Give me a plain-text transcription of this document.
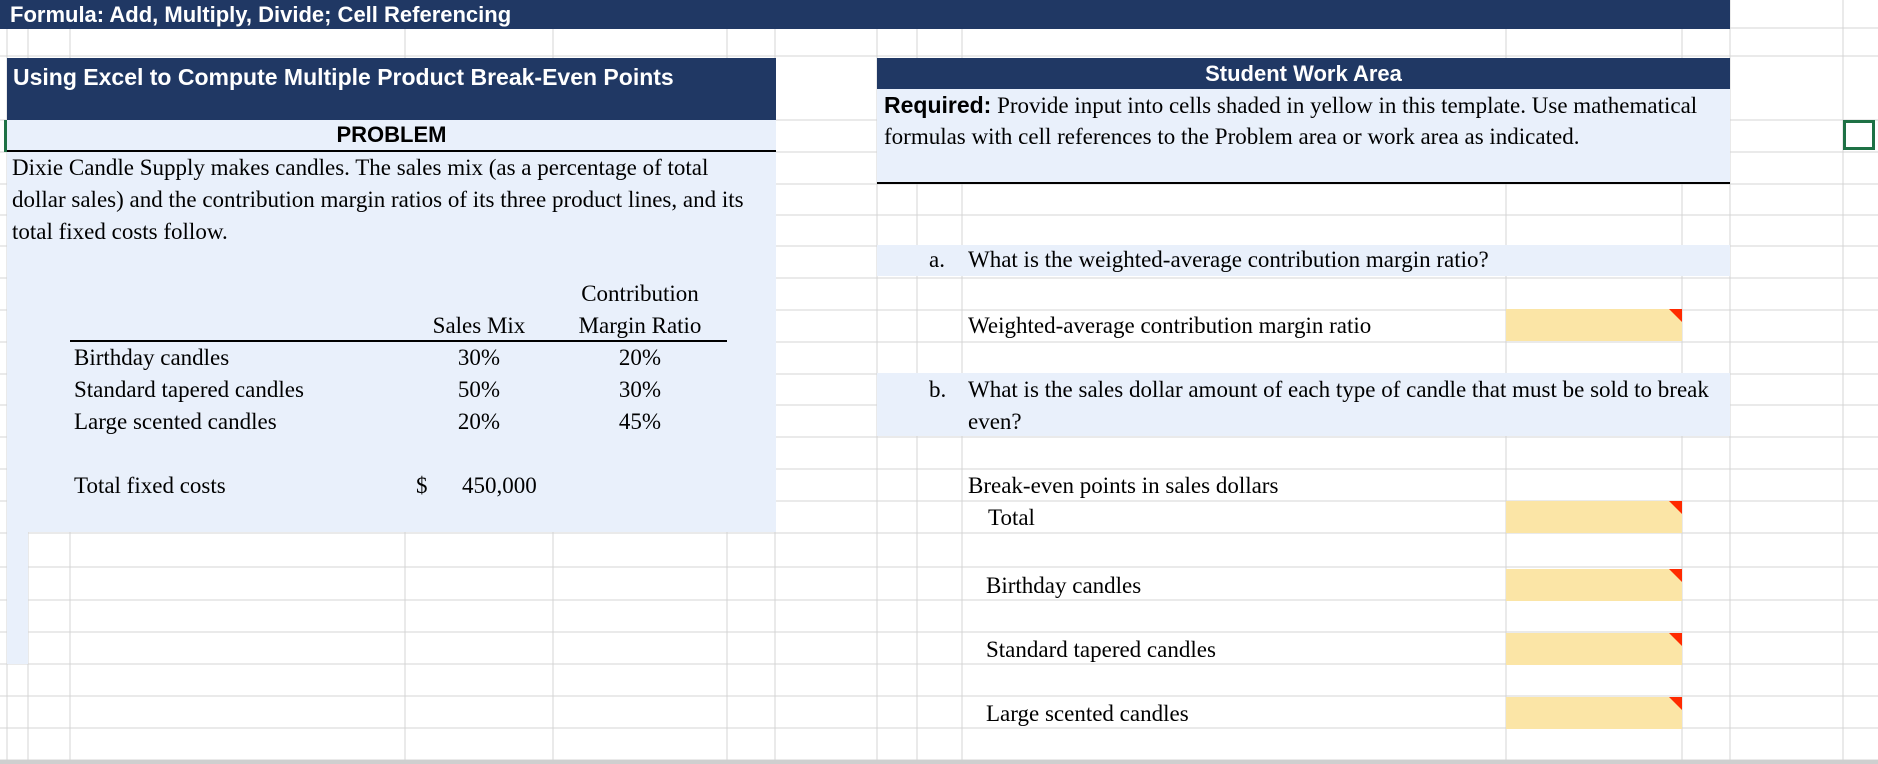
Formula: Add, Multiply, Divide; Cell Referencing
Using Excel to Compute Multiple Product Break-Even Points
PROBLEM
Dixie Candle Supply makes candles. The sales mix (as a percentage of total
dollar sales) and the contribution margin ratios of its three product lines, and its
total fixed costs follow.
Contribution
Sales Mix	Margin Ratio
Birthday candles	30%	20%
Standard tapered candles	50%	30%
Large scented candles	20%	45%
Total fixed costs	$ 450,000
Student Work Area
Required: Provide input into cells shaded in yellow in this template. Use mathematical
formulas with cell references to the Problem area or work area as indicated.
a. What is the weighted-average contribution margin ratio?
Weighted-average contribution margin ratio
b. What is the sales dollar amount of each type of candle that must be sold to break
even?
Break-even points in sales dollars
Total
Birthday candles
Standard tapered candles
Large scented candles
